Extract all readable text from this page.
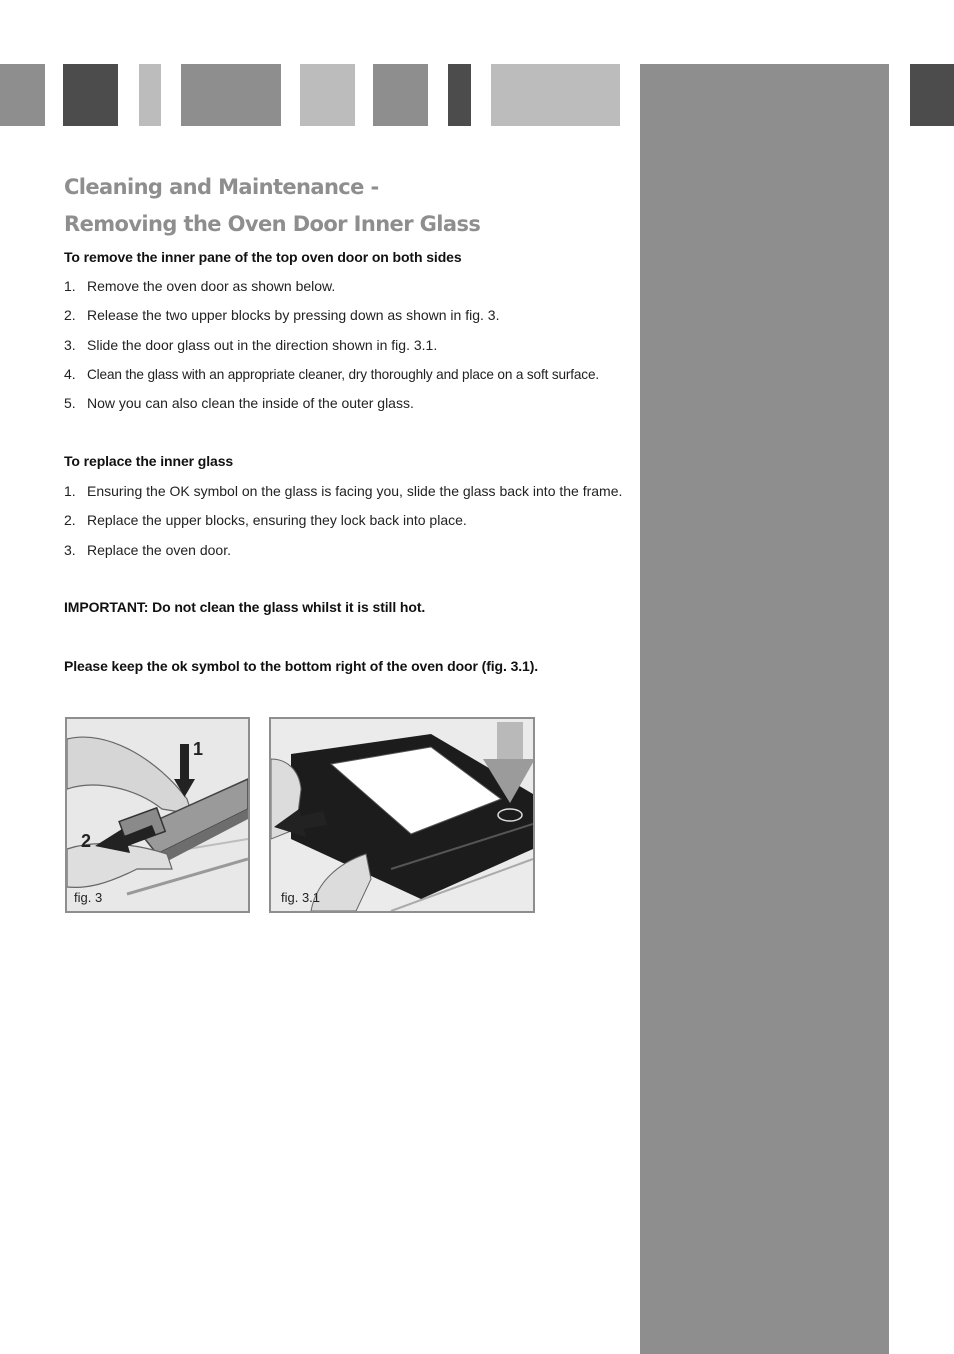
Cleaning and Maintenance -
Removing the Oven Door Inner Glass

To remove the inner pane of the top oven door on both sides

1. Remove the oven door as shown below.
2. Release the two upper blocks by pressing down as shown in fig. 3.
3. Slide the door glass out in the direction shown in fig. 3.1.
4. Clean the glass with an appropriate cleaner, dry thoroughly and place on a soft surface.
5. Now you can also clean the inside of the outer glass.

To replace the inner glass

1. Ensuring the OK symbol on the glass is facing you, slide the glass back into the frame.
2. Replace the upper blocks, ensuring they lock back into place.
3. Replace the oven door.

IMPORTANT: Do not clean the glass whilst it is still hot.

Please keep the ok symbol to the bottom right of the oven door (fig. 3.1).

1
2
fig. 3	fig. 3.1
